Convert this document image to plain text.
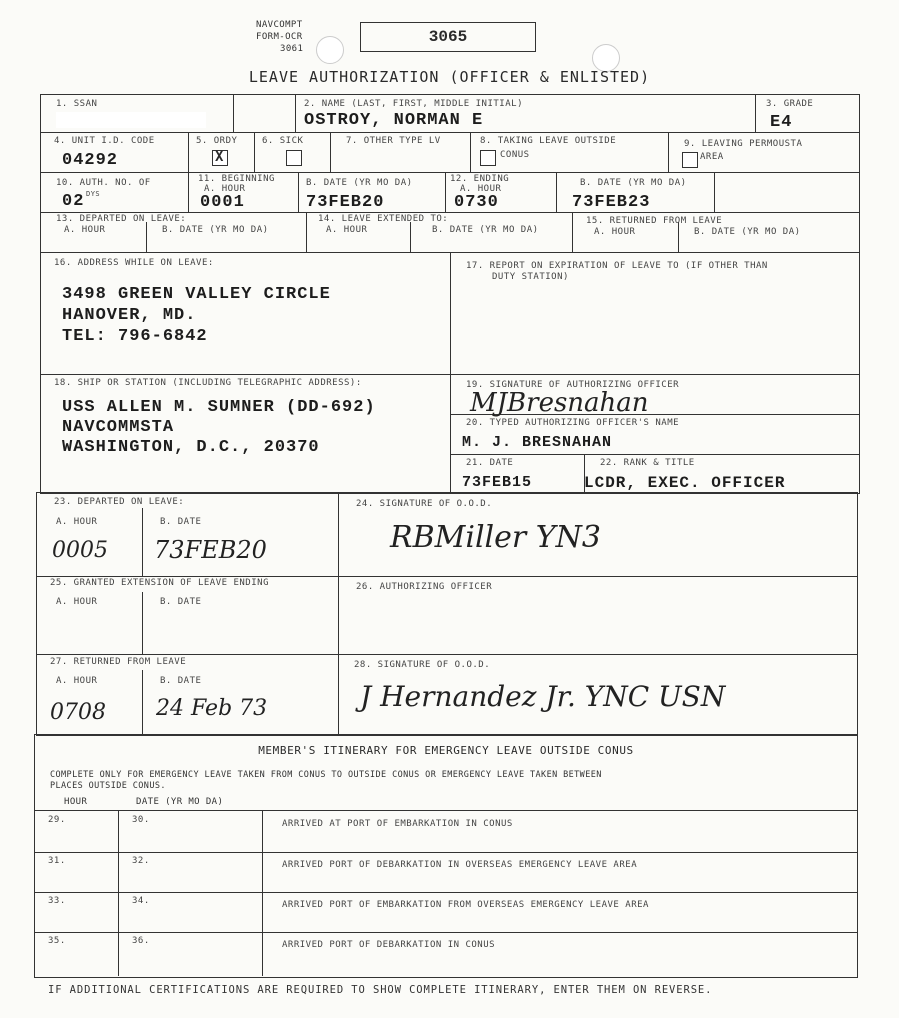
NAVCOMPT
FORM-OCR
3061
3065
LEAVE AUTHORIZATION (OFFICER & ENLISTED)
1. SSAN	2. NAME (LAST, FIRST, MIDDLE INITIAL)
OSTROY, NORMAN E
3. GRADE
E4
4. UNIT I.D. CODE
04292
5. ORDY
X
6. SICK	7. OTHER TYPE LV	8. TAKING LEAVE OUTSIDE
CONUS
9. LEAVING PERMOUSTA
AREA
10. AUTH. NO. OF
02 DYS
11. BEGINNING
A. HOUR
0001
B. DATE (YR MO DA)
73FEB20
12. ENDING
A. HOUR
0730
B. DATE (YR MO DA)
73FEB23
13. DEPARTED ON LEAVE:
A. HOUR	B. DATE (YR MO DA)
14. LEAVE EXTENDED TO:
A. HOUR	B. DATE (YR MO DA)
15. RETURNED FROM LEAVE
A. HOUR	B. DATE (YR MO DA)
16. ADDRESS WHILE ON LEAVE:
3498 GREEN VALLEY CIRCLE
HANOVER, MD.
TEL: 796-6842
17. REPORT ON EXPIRATION OF LEAVE TO (IF OTHER THAN
DUTY STATION)
18. SHIP OR STATION (INCLUDING TELEGRAPHIC ADDRESS):
USS ALLEN M. SUMNER (DD-692)
NAVCOMMSTA
WASHINGTON, D.C., 20370
19. SIGNATURE OF AUTHORIZING OFFICER
MJBresnahan
20. TYPED AUTHORIZING OFFICER'S NAME
M. J. BRESNAHAN
21. DATE
73FEB15
22. RANK & TITLE
LCDR, EXEC. OFFICER
23. DEPARTED ON LEAVE:
A. HOUR	B. DATE
0005 73FEB20
24. SIGNATURE OF O.O.D.
RBMiller YN3
25. GRANTED EXTENSION OF LEAVE ENDING
A. HOUR	B. DATE
26. AUTHORIZING OFFICER
27. RETURNED FROM LEAVE
A. HOUR	B. DATE
0708 24 Feb 73
28. SIGNATURE OF O.O.D.
J Hernandez Jr. YNC USN
MEMBER'S ITINERARY FOR EMERGENCY LEAVE OUTSIDE CONUS
COMPLETE ONLY FOR EMERGENCY LEAVE TAKEN FROM CONUS TO OUTSIDE CONUS OR EMERGENCY LEAVE TAKEN BETWEEN
PLACES OUTSIDE CONUS.
HOUR	DATE (YR MO DA)
29.	30.	ARRIVED AT PORT OF EMBARKATION IN CONUS
31.	32.	ARRIVED PORT OF DEBARKATION IN OVERSEAS EMERGENCY LEAVE AREA
33.	34.	ARRIVED PORT OF EMBARKATION FROM OVERSEAS EMERGENCY LEAVE AREA
35.	36.	ARRIVED PORT OF DEBARKATION IN CONUS
IF ADDITIONAL CERTIFICATIONS ARE REQUIRED TO SHOW COMPLETE ITINERARY, ENTER THEM ON REVERSE.
